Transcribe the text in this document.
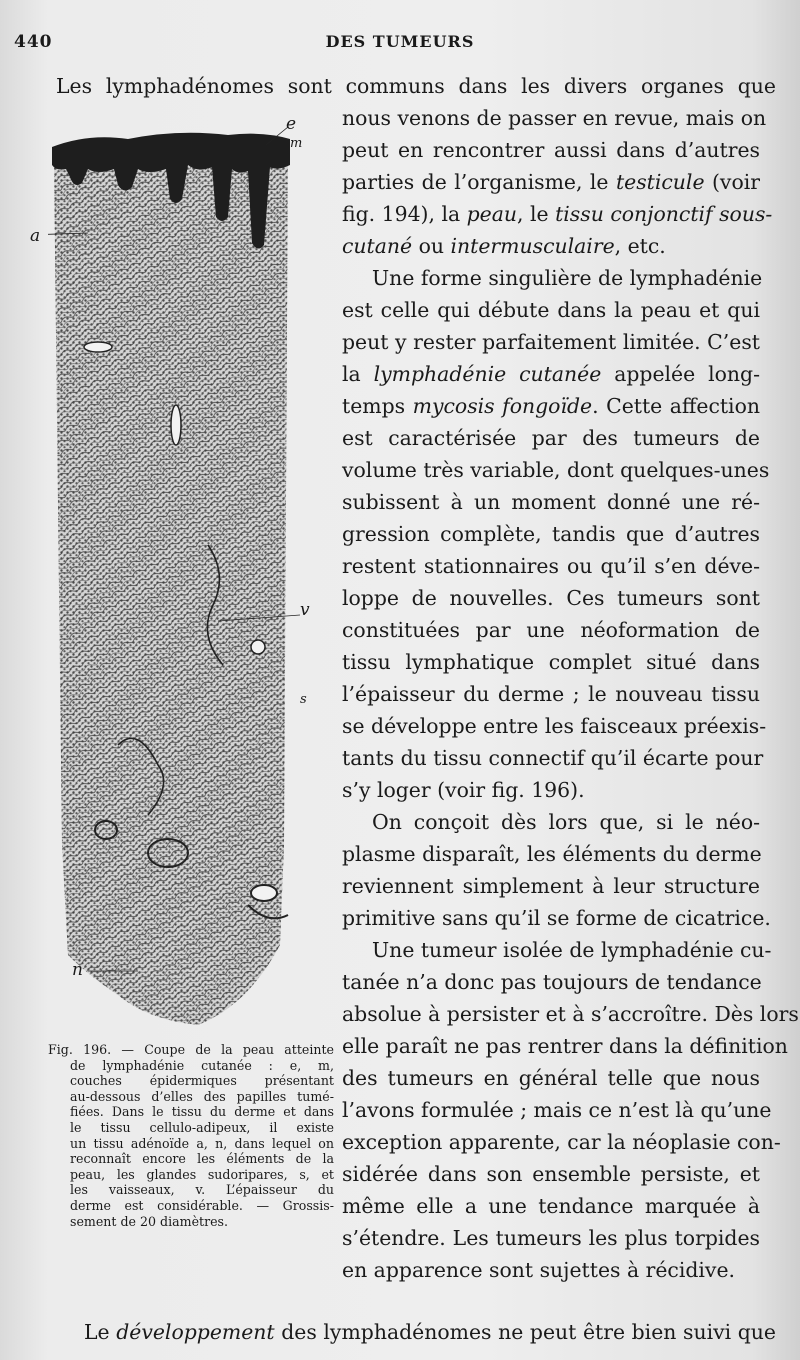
440	DES TUMEURS
Les lymphadénomes sont communs dans les divers organes que
nous venons de passer en revue, mais on
peut en rencontrer aussi dans d’autres
parties de l’organisme, le testicule (voir
fig. 194), la peau, le tissu conjonctif sous-
cutané ou intermusculaire, etc.
Une forme singulière de lymphadénie
est celle qui débute dans la peau et qui
peut y rester parfaitement limitée. C’est
la lymphadénie cutanée appelée long-
temps mycosis fongoïde. Cette affection
est caractérisée par des tumeurs de
volume très variable, dont quelques-unes
subissent à un moment donné une ré-
gression complète, tandis que d’autres
restent stationnaires ou qu’il s’en déve-
loppe de nouvelles. Ces tumeurs sont
constituées par une néoformation de
tissu lymphatique complet situé dans
l’épaisseur du derme ; le nouveau tissu
se développe entre les faisceaux préexis-
tants du tissu connectif qu’il écarte pour
s’y loger (voir fig. 196).
On conçoit dès lors que, si le néo-
plasme disparaît, les éléments du derme
reviennent simplement à leur structure
primitive sans qu’il se forme de cicatrice.
Une tumeur isolée de lymphadénie cu-
tanée n’a donc pas toujours de tendance
absolue à persister et à s’accroître. Dès lors
elle paraît ne pas rentrer dans la définition
des tumeurs en général telle que nous
l’avons formulée ; mais ce n’est là qu’une
exception apparente, car la néoplasie con-
sidérée dans son ensemble persiste, et
même elle a une tendance marquée à
s’étendre. Les tumeurs les plus torpides
en apparence sont sujettes à récidive.
Le développement des lymphadénomes ne peut être bien suivi que
e
m
a
v
s
n
Fig. 196. — Coupe de la peau atteinte
de lymphadénie cutanée : e, m,
couches épidermiques présentant
au-dessous d’elles des papilles tumé-
fiées. Dans le tissu du derme et dans
le tissu cellulo-adipeux, il existe
un tissu adénoïde a, n, dans lequel on
reconnaît encore les éléments de la
peau, les glandes sudoripares, s, et
les vaisseaux, v. L’épaisseur du
derme est considérable. — Grossis-
sement de 20 diamètres.
